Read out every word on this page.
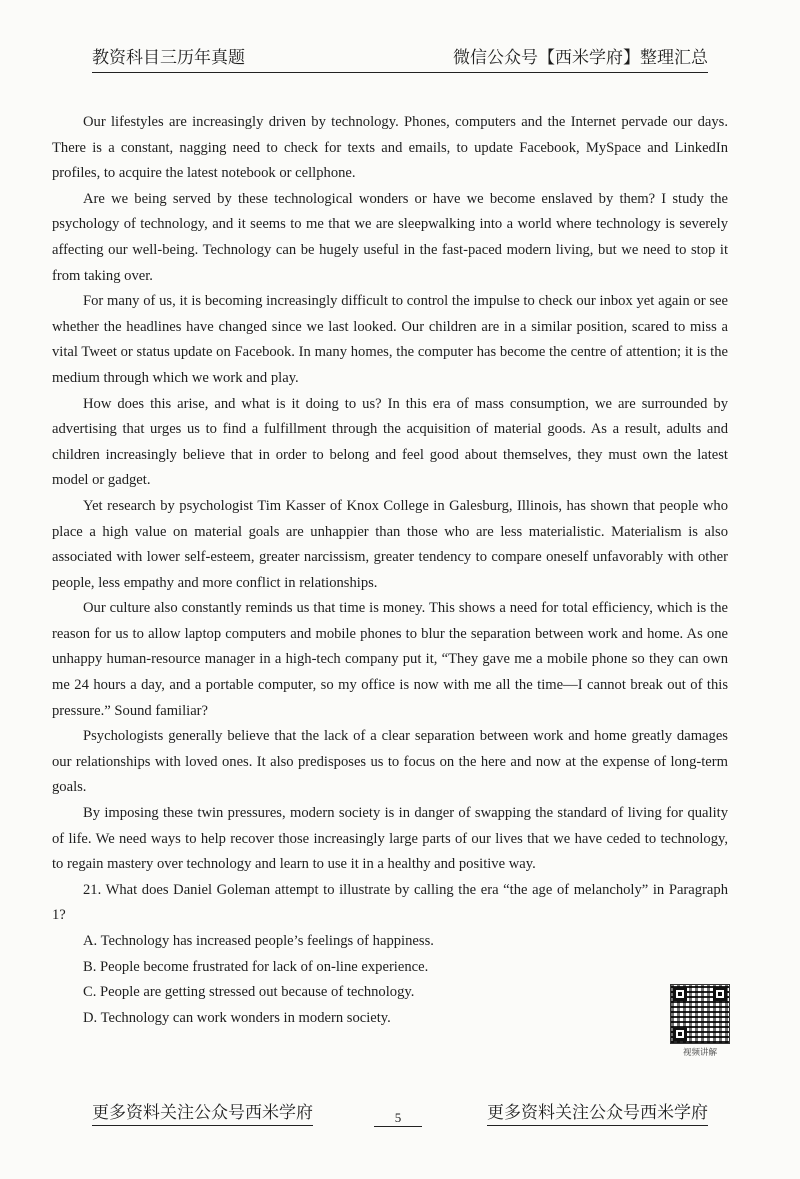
教资科目三历年真题	微信公众号【西米学府】整理汇总

Our lifestyles are increasingly driven by technology. Phones, computers and the Internet pervade our days. There is a constant, nagging need to check for texts and emails, to update Facebook, MySpace and LinkedIn profiles, to acquire the latest notebook or cellphone.

Are we being served by these technological wonders or have we become enslaved by them? I study the psychology of technology, and it seems to me that we are sleepwalking into a world where technology is severely affecting our well-being. Technology can be hugely useful in the fast-paced modern living, but we need to stop it from taking over.

For many of us, it is becoming increasingly difficult to control the impulse to check our inbox yet again or see whether the headlines have changed since we last looked. Our children are in a similar position, scared to miss a vital Tweet or status update on Facebook. In many homes, the computer has become the centre of attention; it is the medium through which we work and play.

How does this arise, and what is it doing to us? In this era of mass consumption, we are surrounded by advertising that urges us to find a fulfillment through the acquisition of material goods. As a result, adults and children increasingly believe that in order to belong and feel good about themselves, they must own the latest model or gadget.

Yet research by psychologist Tim Kasser of Knox College in Galesburg, Illinois, has shown that people who place a high value on material goals are unhappier than those who are less materialistic. Materialism is also associated with lower self-esteem, greater narcissism, greater tendency to compare oneself unfavorably with other people, less empathy and more conflict in relationships.

Our culture also constantly reminds us that time is money. This shows a need for total efficiency, which is the reason for us to allow laptop computers and mobile phones to blur the separation between work and home. As one unhappy human-resource manager in a high-tech company put it, “They gave me a mobile phone so they can own me 24 hours a day, and a portable computer, so my office is now with me all the time—I cannot break out of this pressure.” Sound familiar?

Psychologists generally believe that the lack of a clear separation between work and home greatly damages our relationships with loved ones. It also predisposes us to focus on the here and now at the expense of long-term goals.

By imposing these twin pressures, modern society is in danger of swapping the standard of living for quality of life. We need ways to help recover those increasingly large parts of our lives that we have ceded to technology, to regain mastery over technology and learn to use it in a healthy and positive way.

21. What does Daniel Goleman attempt to illustrate by calling the era “the age of melancholy” in Paragraph 1?

A. Technology has increased people’s feelings of happiness.

B. People become frustrated for lack of on-line experience.

C. People are getting stressed out because of technology.

D. Technology can work wonders in modern society.

视频讲解
更多资料关注公众号西米学府	5	更多资料关注公众号西米学府
